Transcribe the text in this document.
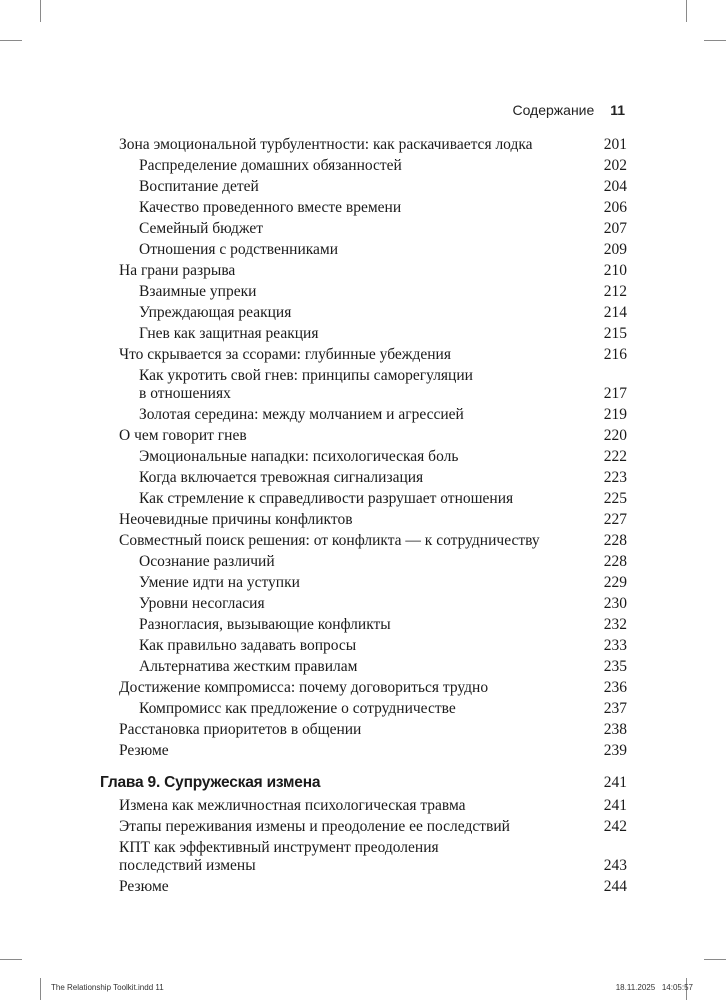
Содержание 11
Зона эмоциональной турбулентности: как раскачивается лодка	201
Распределение домашних обязанностей	202
Воспитание детей	204
Качество проведенного вместе времени	206
Семейный бюджет	207
Отношения с родственниками	209
На грани разрыва	210
Взаимные упреки	212
Упреждающая реакция	214
Гнев как защитная реакция	215
Что скрывается за ссорами: глубинные убеждения	216
Как укротить свой гнев: принципы саморегуляции
в отношениях	217
Золотая середина: между молчанием и агрессией	219
О чем говорит гнев	220
Эмоциональные нападки: психологическая боль	222
Когда включается тревожная сигнализация	223
Как стремление к справедливости разрушает отношения	225
Неочевидные причины конфликтов	227
Совместный поиск решения: от конфликта — к сотрудничеству	228
Осознание различий	228
Умение идти на уступки	229
Уровни несогласия	230
Разногласия, вызывающие конфликты	232
Как правильно задавать вопросы	233
Альтернатива жестким правилам	235
Достижение компромисса: почему договориться трудно	236
Компромисс как предложение о сотрудничестве	237
Расстановка приоритетов в общении	238
Резюме	239
Глава 9. Супружеская измена	241
Измена как межличностная психологическая травма	241
Этапы переживания измены и преодоление ее последствий	242
КПТ как эффективный инструмент преодоления
последствий измены	243
Резюме	244
The Relationship Toolkit.indd 11	18.11.2025 14:05:57
